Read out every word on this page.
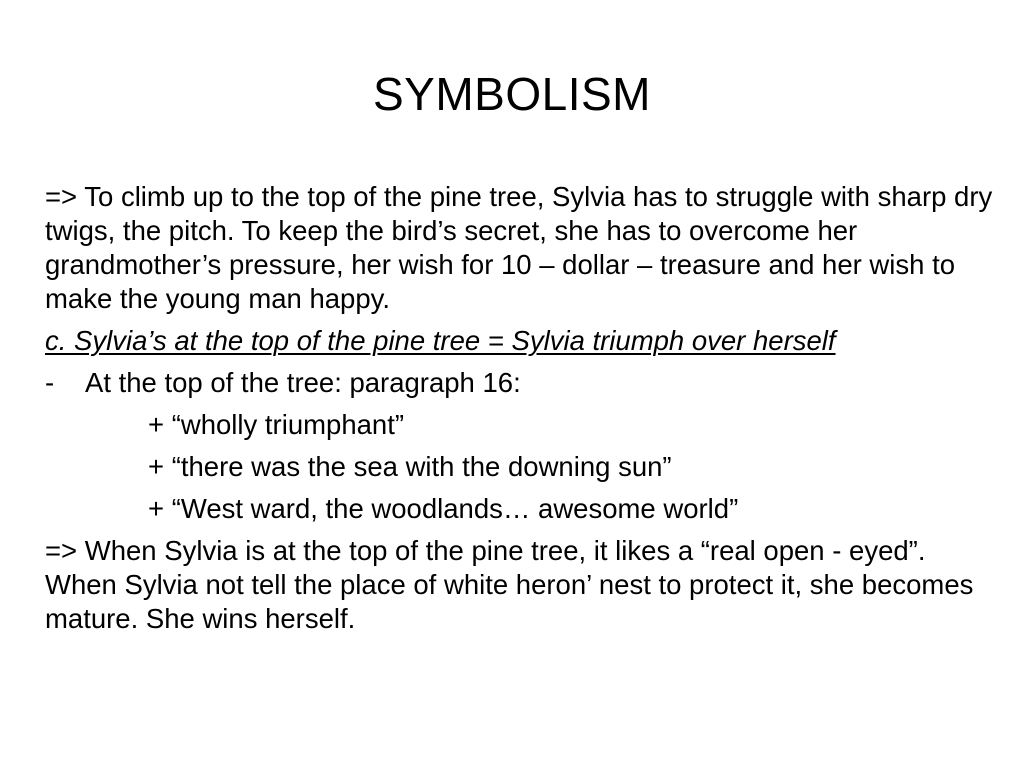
SYMBOLISM

=> To climb up to the top of the pine tree, Sylvia has to struggle with sharp dry twigs, the pitch. To keep the bird’s secret, she has to overcome her grandmother’s pressure, her wish for 10 – dollar – treasure and her wish to make the young man happy.

c. Sylvia’s at the top of the pine tree = Sylvia triumph over herself

-	At the top of the tree: paragraph 16:

+ “wholly triumphant”

+ “there was the sea with the downing sun”

+ “West ward, the woodlands… awesome world”

=> When Sylvia is at the top of the pine tree, it likes a “real open - eyed”. When Sylvia not tell the place of white heron’ nest to protect it, she becomes mature. She wins herself.
